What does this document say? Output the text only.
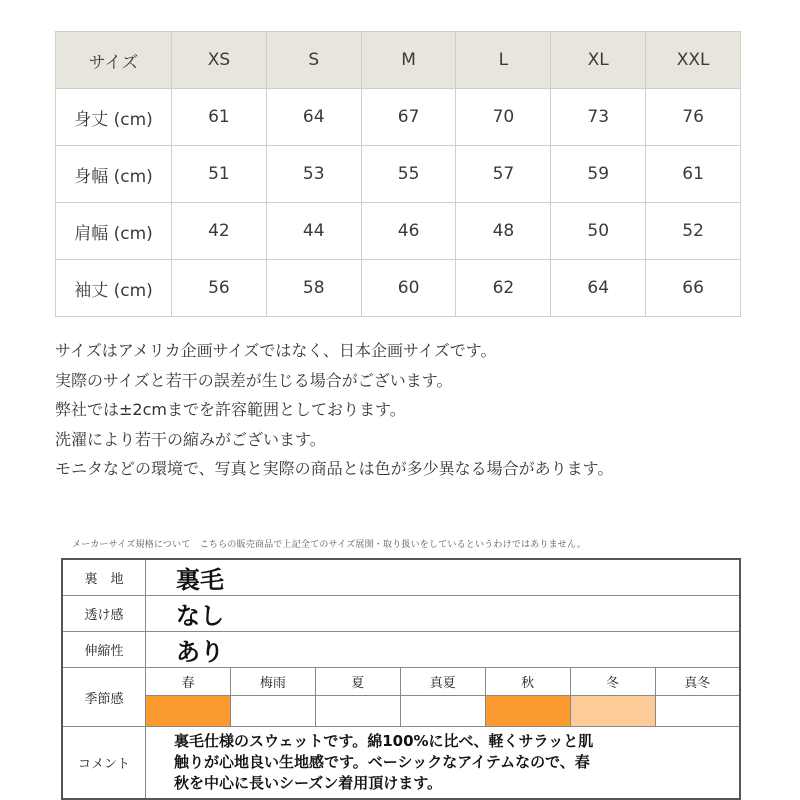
サイズ	XS	S	M	L	XL	XXL
身丈 (cm)	61	64	67	70	73	76
身幅 (cm)	51	53	55	57	59	61
肩幅 (cm)	42	44	46	48	50	52
袖丈 (cm)	56	58	60	62	64	66
サイズはアメリカ企画サイズではなく、日本企画サイズです。
実際のサイズと若干の誤差が生じる場合がございます。
弊社では±2cmまでを許容範囲としております。
洗濯により若干の縮みがございます。
モニタなどの環境で、写真と実際の商品とは色が多少異なる場合があります。
メーカーサイズ規格について　こちらの販売商品で上記全てのサイズ展開・取り扱いをしているというわけではありません。
裏　地	裏毛						
透け感	なし						
伸縮性	あり						
季節感	春	梅雨	夏	真夏	秋	冬	真冬

コメント	裏毛仕様のスウェットです。綿100%に比べ、軽くサラッと肌
触りが心地良い生地感です。ベーシックなアイテムなので、春
秋を中心に長いシーズン着用頂けます。						
